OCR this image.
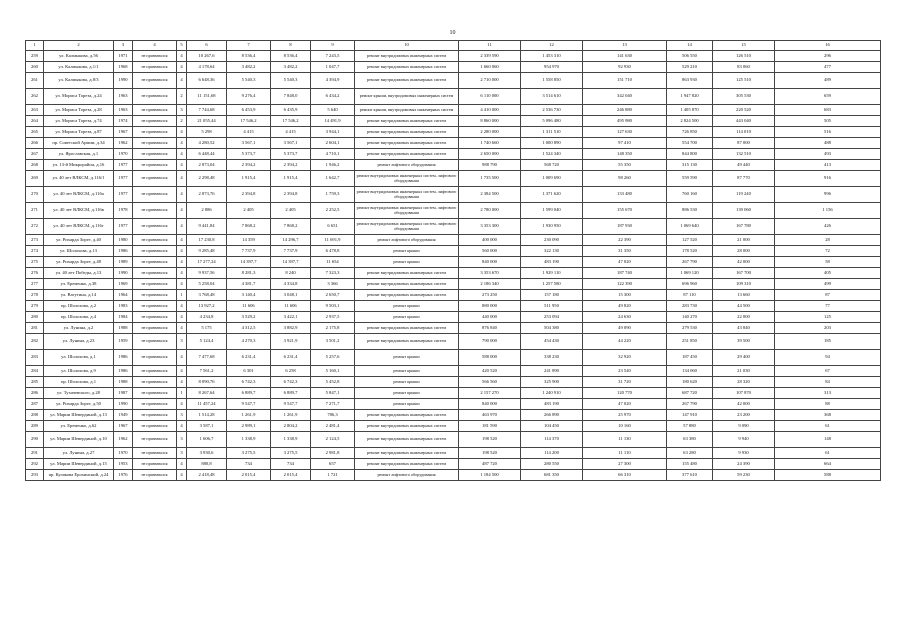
10
1	2	3	4	5	6	7	8	9	10	11	12	13	14	15	16
259	ул. Калмыкова, д.56	1971	не признавался	4	10 267,6	8 536,4	8 536,4	7 243,5	ремонт внутридомовых инженерных систем	2 339 590	1 453 310	141 630	506 550	126 510	296
260	ул. Калмыкова, д.1/1	1968	не признавался	4	4 178,64	3 482,2	3 482,2	1 047,7	ремонт внутридомовых инженерных систем	1 660 060	954 970	92 930	529 210	83 060	477
261	ул. Калмыкова, д.8/3	1990	не признавался	4	6 648,36	5 540,3	5 540,3	4 394,9	ремонт внутридомовых инженерных систем	2 710 000	1 558 850	151 710	863 930	125 510	489
262	ул. Мориса Тореза, д.24	1963	не признавался	2	11 151,68	9 276,4	7 848,0	6 434,2	ремонт крыши, внутридомовых инженерных систем	6 110 000	3 514 610	342 040	1 947 820	305 530	659
263	ул. Мориса Тореза, д.28	1963	не признавался	3	7 744,68	6 453,9	6 435,9	5 640	ремонт крыши, внутридомовых инженерных систем	4 410 000	2 536 730	246 880	1 405 870	220 520	683
264	ул. Мориса Тореза, д.74	1974	не признавался	2	21 055,44	17 546,2	17 546,2	14 491,9	ремонт внутридомовых инженерных систем	8 860 000	5 096 480	495 980	2 824 500	443 040	505
265	ул. Мориса Тореза, д.87	1967	не признавался	4	5 298	4 415	4 415	3 944,1	ремонт внутридомовых инженерных систем	2 280 000	1 311 510	127 630	726 850	114 010	516
266	пр. Советской Армии, д.34	1962	не признавался	4	4 280,52	3 567,1	3 567,1	2 604,1	ремонт внутридомовых инженерных систем	1 740 660	1 000 890	97 410	554 700	87 000	488
267	ул. Ярославская, д.1	1970	не признавался	4	6 448,44	5 373,7	5 373,7	4 710,1	ремонт внутридомовых инженерных систем	2 650 000	1 524 340	148 350	844 800	132 510	493
268	ул. 13-й Микрорайон, д.16	1977	не признавался	4	2 873,04	2 394,2	2 394,2	1 946,2	ремонт лифтового оборудования	988 790	568 720	55 350	315 130	49 440	413
269	ул. 40 лет ВЛКСМ, д.116/1	1977	не признавался	4	2 298,48	1 915,4	1 915,4	1 642,7	ремонт внутридомовых инженерных систем, лифтового оборудования	1 735 500	1 009 690	98 260	559 590	87 770	916
270	ул. 40 лет ВЛКСМ, д.116а	1977	не признавался	4	2 873,76	2 394,8	2 394,8	1 759,3	ремонт внутридомовых инженерных систем, лифтового оборудования	2 384 500	1 371 620	133 480	760 160	119 240	996
271	ул. 40 лет ВЛКСМ, д.116в	1978	не признавался	4	2 886	2 405	2 405	2 252,5	ремонт внутридомовых инженерных систем, лифтового оборудования	2 780 000	1 599 040	155 670	886 530	139 060	1 156
272	ул. 40 лет ВЛКСМ, д.116г	1977	не признавался	4	9 441,84	7 868,2	7 868,2	6 651	ремонт внутридомовых инженерных систем, лифтового оборудования	3 353 300	1 930 950	187 930	1 069 640	167 780	426
273	ул. Рихарда Зорге, д.40	1980	не признавался	4	17 230,8	14 359	14 296,7	11 691,9	ремонт лифтового оборудования	400 000	230 090	22 390	127 520	21 000	28
274	ул. Шолохова, д.13	1986	не признавался	4	9 285,48	7 737,9	7 737,9	6 478,8	ремонт крыши	560 000	322 130	31 350	178 520	28 000	72
275	ул. Рихарда Зорге, д.48	1989	не признавался	4	17 277,24	14 397,7	14 397,7	11 654	ремонт крыши	840 000	483 190	47 020	267 790	42 000	58
276	ул. 40 лет Победы, д.13	1990	не признавался	4	9 937,56	8 281,3	8 240	7 323,3	ремонт внутридомовых инженерных систем	3 353 670	1 929 110	187 740	1 069 120	167 700	405
277	ул. Еременко, д.38	1969	не признавался	4	5 258,04	4 381,7	4 334,8	3 366	ремонт внутридомовых инженерных систем	2 186 340	1 257 580	122 390	696 960	109 310	499
278	ул. Вагутина, д.14	1964	не признавался	1	3 768,48	3 140,4	3 048,1	2 650,7	ремонт внутридомовых инженерных систем	273 250	157 180	15 300	87 110	13 660	87
279	пр. Шолохова, д.2	1983	не признавался	4	13 927,2	11 606	11 606	9 503,1	ремонт крыши	880 000	511 950	49 820	283 730	44 500	77
280	пр. Шолохова, д.4	1984	не признавался	4	4 234,8	3 529,2	3 422,1	2 937,5	ремонт крыши	440 000	253 094	24 630	140 270	22 000	125
281	ул. Лунина, д.2	1988	не признавался	4	5 175	4 312,5	3 882,9	2 175,8	ремонт внутридомовых инженерных систем	876 840	504 380	49 090	279 530	43 840	203
282	ул. Лунина, д.23	1959	не признавался	3	5 124,4	4 270,3	3 921,9	3 501,2	ремонт внутридомовых инженерных систем	790 000	454 430	44 220	251 850	39 500	185
283	ул. Шолохова, д.1	1986	не признавался	4	7 477,68	6 231,4	6 231,4	5 257,6	ремонт крыши	588 000	338 230	32 920	187 450	29 400	94
284	ул. Шолохова, д.9	1986	не признавался	4	7 561,2	6 301	6 258	5 160,1	ремонт крыши	420 520	241 890	23 540	134 060	21 030	67
285	пр. Шолохова, д.1	1988	не признавался	4	8 090,76	6 742,3	6 742,3	5 452,8	ремонт крыши	566 560	325 900	31 720	180 620	28 320	84
286	ул. Тухачевского, д.28	1987	не признавался	1	8 267,64	6 889,7	6 889,7	5 847,1	ремонт крыши	2 157 270	1 240 910	120 770	687 720	107 870	313
287	ул. Рихарда Зорге, д.50	1990	не признавался	4	11 457,24	9 547,7	9 547,7	7 271,7	ремонт крыши	840 000	483 190	47 020	267 790	42 000	88
288	ул. Марии Шевердиной, д.13	1949	не признавался	3	1 514,28	1 261,9	1 261,9	786,3	ремонт внутридомовых инженерных систем	463 970	266 890	25 970	147 910	23 200	368
289	ул. Еременко, д.62	1967	не признавался	4	3 587,1	2 989,1	2 804,2	2 481,4	ремонт внутридомовых инженерных систем	181 590	104 450	10 160	57 880	9 090	61
290	ул. Марии Шевердиной, д.10	1962	не признавался	3	1 606,7	1 338,9	1 338,9	2 124,5	ремонт внутридомовых инженерных систем	198 520	114 370	11 130	63 380	9 940	148
291	ул. Лунина, д.27	1970	не признавался	3	3 930,6	3 275,5	3 275,5	2 981,8	ремонт внутридомовых инженерных систем	198 520	114 200	11 110	63 280	9 930	61
292	ул. Марии Шевердиной, д.15	1953	не признавался	4	880,8	734	734	657	ремонт внутридомовых инженерных систем	487 720	280 550	27 300	155 480	24 390	664
293	пр. Кулакова Ерохинский, д.24	1976	не признавался	4	2 418,48	2 015,4	2 015,4	1 721	ремонт лифтового оборудования	1 184 500	681 350	66 310	377 610	59 230	588
